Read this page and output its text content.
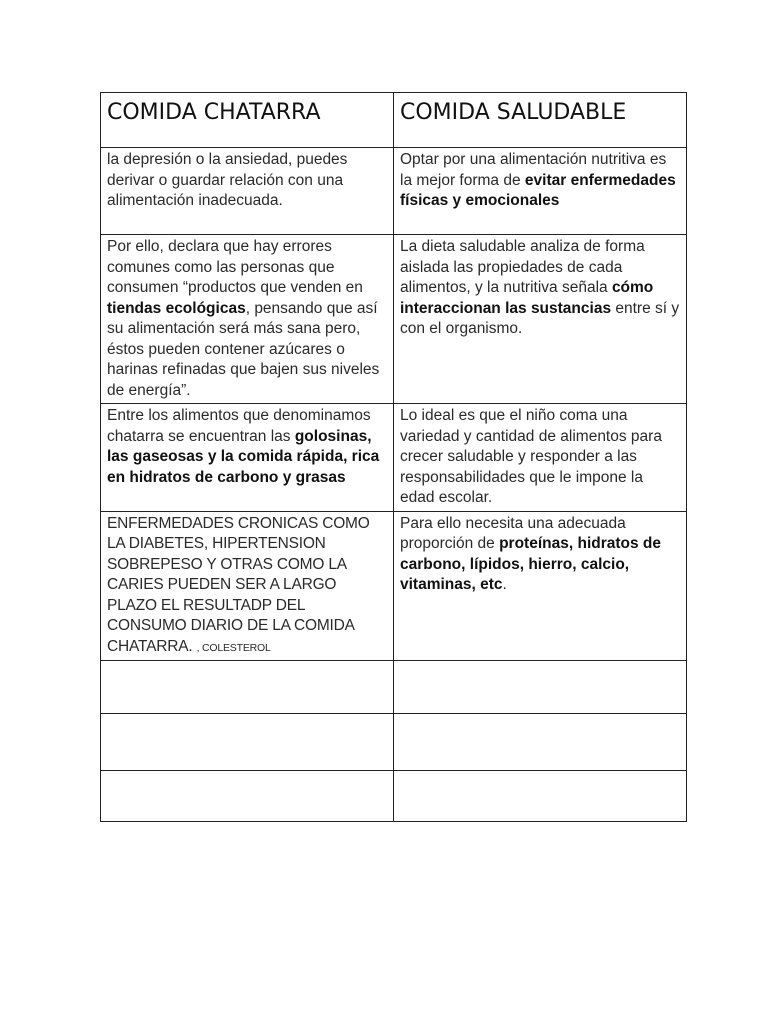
COMIDA CHATARRA	COMIDA SALUDABLE
la depresión o la ansiedad, puedes derivar o guardar relación con una alimentación inadecuada.	Optar por una alimentación nutritiva es la mejor forma de evitar enfermedades físicas y emocionales
Por ello, declara que hay errores comunes como las personas que consumen “productos que venden en tiendas ecológicas, pensando que así su alimentación será más sana pero, éstos pueden contener azúcares o harinas refinadas que bajen sus niveles de energía”.	La dieta saludable analiza de forma aislada las propiedades de cada alimentos, y la nutritiva señala cómo interaccionan las sustancias entre sí y con el organismo.
Entre los alimentos que denominamos chatarra se encuentran las golosinas, las gaseosas y la comida rápida, rica en hidratos de carbono y grasas	Lo ideal es que el niño coma una variedad y cantidad de alimentos para crecer saludable y responder a las responsabilidades que le impone la edad escolar.
ENFERMEDADES CRONICAS COMO LA DIABETES, HIPERTENSION SOBREPESO Y OTRAS COMO LA CARIES PUEDEN SER A LARGO PLAZO EL RESULTADP DEL CONSUMO DIARIO DE LA COMIDA CHATARRA. , COLESTEROL	Para ello necesita una adecuada proporción de proteínas, hidratos de carbono, lípidos, hierro, calcio, vitaminas, etc.
